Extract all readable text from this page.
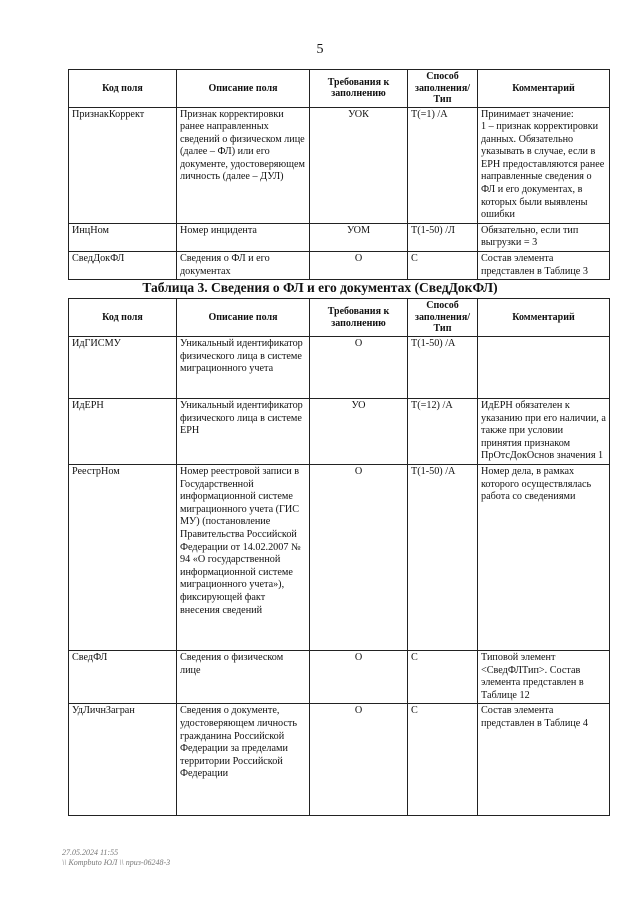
5
Код поля	Описание поля	Требования к заполнению	Способ заполнения/ Тип	Комментарий
ПризнакКоррект	Признак корректировки ранее направленных сведений о физическом лице (далее – ФЛ) или его документе, удостоверяющем личность (далее – ДУЛ)	УОК	Т(=1) /А	Принимает значение:
1 – признак корректировки данных. Обязательно указывать в случае, если в ЕРН предоставляются ранее направленные сведения о ФЛ и его документах, в которых были выявлены ошибки
ИнцНом	Номер инцидента	УОМ	Т(1-50) /Л	Обязательно, если тип выгрузки = 3
СведДокФЛ	Сведения о ФЛ и его документах	О	С	Состав элемента представлен в Таблице 3
Таблица 3. Сведения о ФЛ и его документах (СведДокФЛ)
Код поля	Описание поля	Требования к заполнению	Способ заполнения/ Тип	Комментарий
ИдГИСМУ	Уникальный идентификатор физического лица в системе миграционного учета	О	Т(1-50) /А	
ИдЕРН	Уникальный идентификатор физического лица в системе ЕРН	УО	Т(=12) /А	ИдЕРН обязателен к указанию при его наличии, а также при условии принятия признаком ПрОтсДокОснов значения 1
РеестрНом	Номер реестровой записи в Государственной информационной системе миграционного учета (ГИС МУ) (постановление Правительства Российской Федерации от 14.02.2007 № 94 «О государственной информационной системе миграционного учета»), фиксирующей факт внесения сведений	О	Т(1-50) /А	Номер дела, в рамках которого осуществлялась работа со сведениями
СведФЛ	Сведения о физическом лице	О	С	Типовой элемент <СведФЛТип>. Состав элемента представлен в Таблице 12
УдЛичнЗагран	Сведения о документе, удостоверяющем личность гражданина Российской Федерации за пределами территории Российской Федерации	О	С	Состав элемента представлен в Таблице 4
27.05.2024 11:55
\\ Kompbuto ЮЛ \\ приз-06248-3
